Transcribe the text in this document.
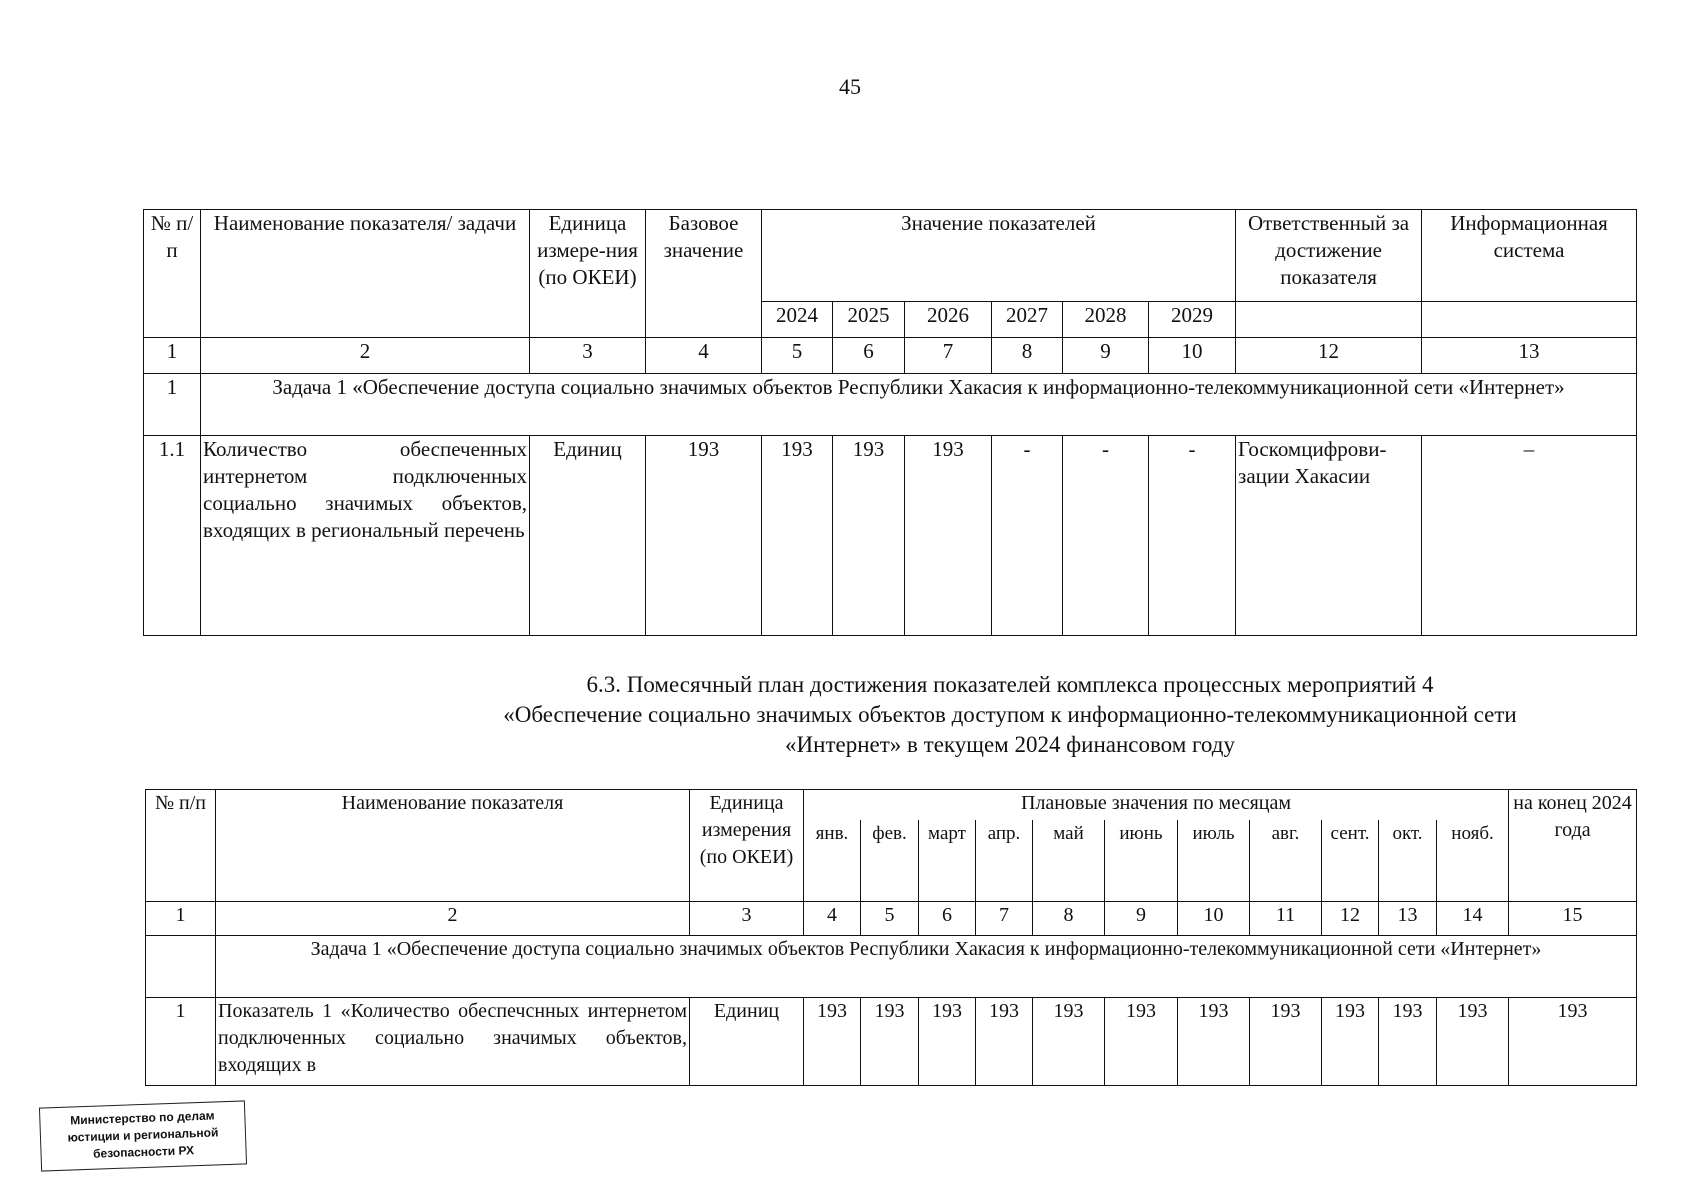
45
№ п/п	Наименование показателя/ задачи	Единица измере-ния (по ОКЕИ)	Базовое значение	Значение показателей						Ответственный за достижение показателя	Информационная система
				2024	2025	2026	2027	2028	2029		
1	2	3	4	5	6	7	8	9	10	12	13
1	Задача 1 «Обеспечение доступа социально значимых объектов Республики Хакасия к информационно-телекоммуникационной сети «Интернет»										
1.1	Количество обеспеченных интернетом подключенных социально значимых объектов, входящих в региональный перечень	Единиц	193	193	193	193	-	-	-	Госкомцифрови-зации Хакасии	–
6.3. Помесячный план достижения показателей комплекса процессных мероприятий 4
«Обеспечение социально значимых объектов доступом к информационно-телекоммуникационной сети
«Интернет» в текущем 2024 финансовом году
№ п/п	Наименование показателя	Единица измерения (по ОКЕИ)	Плановые значения по месяцам											на конец 2024 года
			янв.	фев.	март	апр.	май	июнь	июль	авг.	сент.	окт.	нояб.	
1	2	3	4	5	6	7	8	9	10	11	12	13	14	15
	Задача 1 «Обеспечение доступа социально значимых объектов Республики Хакасия к информационно-телекоммуникационной сети «Интернет»													
1	Показатель 1 «Количество обеспечснных интернетом подключенных социально значимых объектов, входящих в	Единиц	193	193	193	193	193	193	193	193	193	193	193	193
Министерство по делам
юстиции и региональной
безопасности РХ
